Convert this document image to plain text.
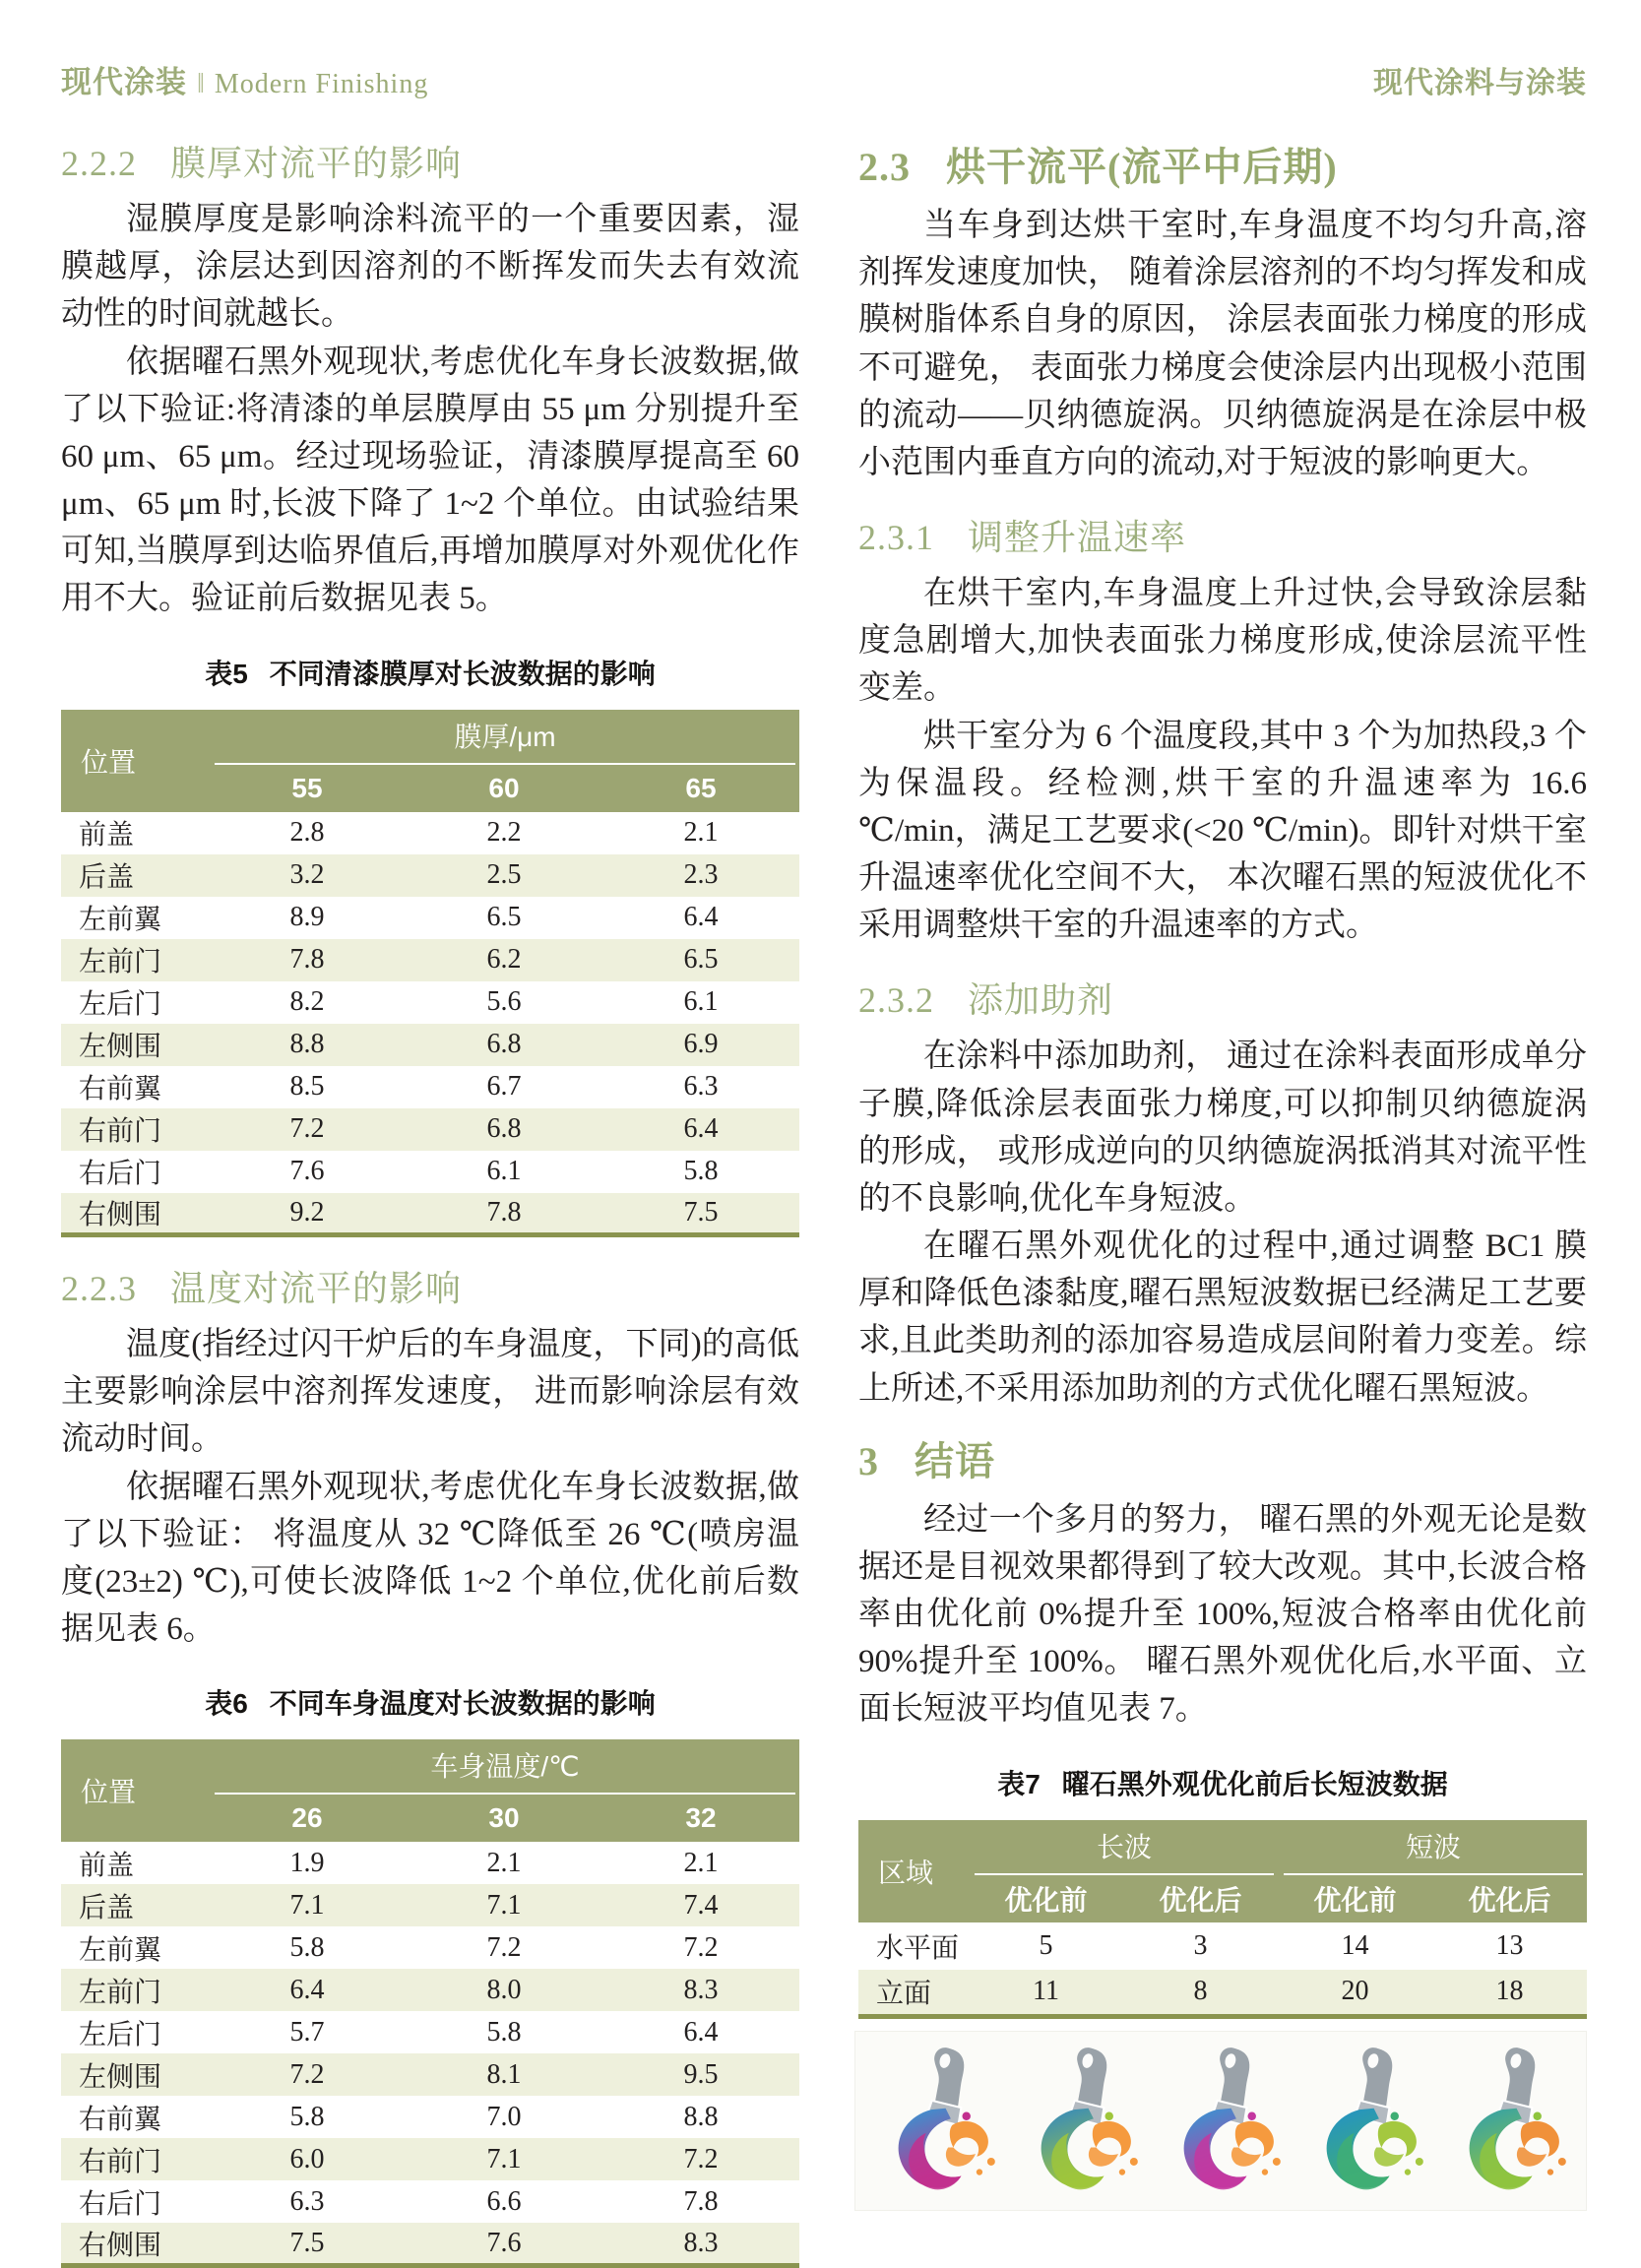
现代涂装 ‖ Modern Finishing	现代涂料与涂装
2.2.2 膜厚对流平的影响

湿膜厚度是影响涂料流平的一个重要因素，湿膜越厚，涂层达到因溶剂的不断挥发而失去有效流动性的时间就越长。

依据曜石黑外观现状,考虑优化车身长波数据,做了以下验证:将清漆的单层膜厚由 55 μm 分别提升至 60 μm、65 μm。经过现场验证，清漆膜厚提高至 60 μm、65 μm 时,长波下降了 1~2 个单位。由试验结果可知,当膜厚到达临界值后,再增加膜厚对外观优化作用不大。验证前后数据见表 5。

表5 不同清漆膜厚对长波数据的影响
位置	膜厚/μm		

	55	60	65
前盖	2.8	2.2	2.1
后盖	3.2	2.5	2.3
左前翼	8.9	6.5	6.4
左前门	7.8	6.2	6.5
左后门	8.2	5.6	6.1
左侧围	8.8	6.8	6.9
右前翼	8.5	6.7	6.3
右前门	7.2	6.8	6.4
右后门	7.6	6.1	5.8
右侧围	9.2	7.8	7.5
2.2.3 温度对流平的影响

温度(指经过闪干炉后的车身温度，下同)的高低主要影响涂层中溶剂挥发速度， 进而影响涂层有效流动时间。

依据曜石黑外观现状,考虑优化车身长波数据,做了以下验证： 将温度从 32 ℃降低至 26 ℃(喷房温度(23±2) ℃),可使长波降低 1~2 个单位,优化前后数据见表 6。

表6 不同车身温度对长波数据的影响
位置	车身温度/℃		

	26	30	32
前盖	1.9	2.1	2.1
后盖	7.1	7.1	7.4
左前翼	5.8	7.2	7.2
左前门	6.4	8.0	8.3
左后门	5.7	5.8	6.4
左侧围	7.2	8.1	9.5
右前翼	5.8	7.0	8.8
右前门	6.0	7.1	7.2
右后门	6.3	6.6	7.8
右侧围	7.5	7.6	8.3
2.3 烘干流平(流平中后期)

当车身到达烘干室时,车身温度不均匀升高,溶剂挥发速度加快， 随着涂层溶剂的不均匀挥发和成膜树脂体系自身的原因， 涂层表面张力梯度的形成不可避免， 表面张力梯度会使涂层内出现极小范围的流动——贝纳德旋涡。贝纳德旋涡是在涂层中极小范围内垂直方向的流动,对于短波的影响更大。

2.3.1 调整升温速率

在烘干室内,车身温度上升过快,会导致涂层黏度急剧增大,加快表面张力梯度形成,使涂层流平性变差。

烘干室分为 6 个温度段,其中 3 个为加热段,3 个为保温段。经检测,烘干室的升温速率为 16.6 ℃/min，满足工艺要求(<20 ℃/min)。即针对烘干室升温速率优化空间不大， 本次曜石黑的短波优化不采用调整烘干室的升温速率的方式。

2.3.2 添加助剂

在涂料中添加助剂， 通过在涂料表面形成单分子膜,降低涂层表面张力梯度,可以抑制贝纳德旋涡的形成， 或形成逆向的贝纳德旋涡抵消其对流平性的不良影响,优化车身短波。

在曜石黑外观优化的过程中,通过调整 BC1 膜厚和降低色漆黏度,曜石黑短波数据已经满足工艺要求,且此类助剂的添加容易造成层间附着力变差。综上所述,不采用添加助剂的方式优化曜石黑短波。

3 结语

经过一个多月的努力， 曜石黑的外观无论是数据还是目视效果都得到了较大改观。其中,长波合格率由优化前 0%提升至 100%,短波合格率由优化前 90%提升至 100%。 曜石黑外观优化后,水平面、立面长短波平均值见表 7。

表7 曜石黑外观优化前后长短波数据
区域	长波		短波	

	优化前	优化后	优化前	优化后
水平面	5	3	14	13
立面	11	8	20	18
